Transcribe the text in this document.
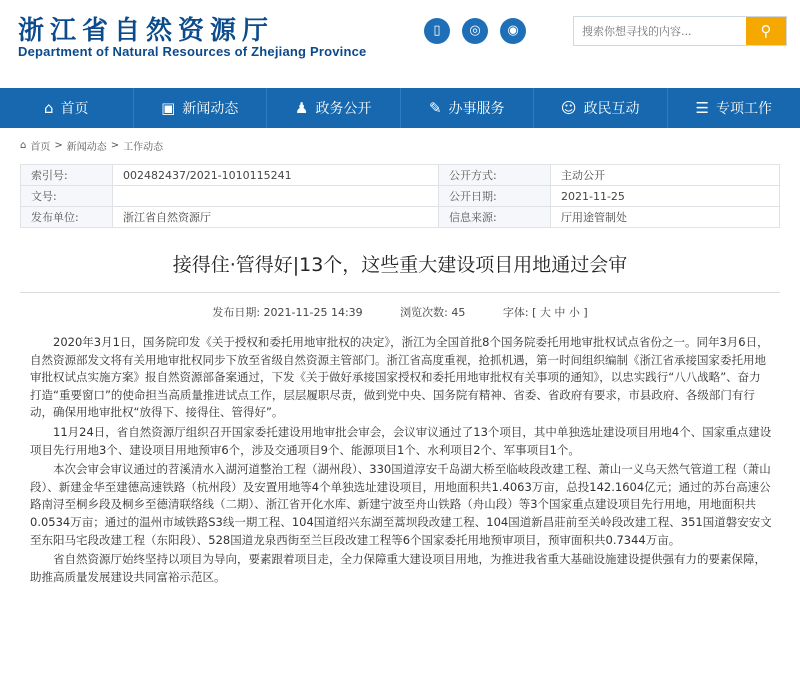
浙江省自然资源厅
Department of Natural Resources of Zhejiang Province
▯	◎	◉
搜索你想寻找的内容...	⚲
⌂ 首页	▣ 新闻动态	♟ 政务公开	✎ 办事服务	☺ 政民互动	☰ 专项工作
⌂ 首页 > 新闻动态 > 工作动态
索引号:	002482437/2021-1010115241	公开方式:	主动公开
文号:		公开日期:	2021-11-25
发布单位:	浙江省自然资源厅	信息来源:	厅用途管制处
接得住·管得好|13个，这些重大建设项目用地通过会审
发布日期: 2021-11-25 14:39	浏览次数: 45	字体: [ 大 中 小 ]

2020年3月1日，国务院印发《关于授权和委托用地审批权的决定》，浙江为全国首批8个国务院委托用地审批权试点省份之一。同年3月6日，自然资源部发文将有关用地审批权同步下放至省级自然资源主管部门。浙江省高度重视，抢抓机遇，第一时间组织编制《浙江省承接国家委托用地审批权试点实施方案》报自然资源部备案通过，下发《关于做好承接国家授权和委托用地审批权有关事项的通知》，以忠实践行“八八战略”、奋力打造“重要窗口”的使命担当高质量推进试点工作，层层履职尽责，做到党中央、国务院有精神、省委、省政府有要求，市县政府、各级部门有行动，确保用地审批权“放得下、接得住、管得好”。

11月24日，省自然资源厅组织召开国家委托建设用地审批会审会，会议审议通过了13个项目，其中单独选址建设项目用地4个、国家重点建设项目先行用地3个、建设项目用地预审6个，涉及交通项目9个、能源项目1个、水利项目2个、军事项目1个。

本次会审会审议通过的苕溪清水入湖河道整治工程（湖州段）、330国道淳安千岛湖大桥至临岐段改建工程、萧山一义乌天然气管道工程（萧山段）、新建金华至建德高速铁路（杭州段）及安置用地等4个单独选址建设项目，用地面积共1.4063万亩，总投142.1604亿元；通过的苏台高速公路南浔至桐乡段及桐乡至德清联络线（二期）、浙江省开化水库、新建宁波至舟山铁路（舟山段）等3个国家重点建设项目先行用地，用地面积共0.0534万亩；通过的温州市域铁路S3线一期工程、104国道绍兴东湖至蒿坝段改建工程、104国道新昌莊前至关岭段改建工程、351国道磐安安文至东阳马宅段改建工程（东阳段）、528国道龙泉西街至兰巨段改建工程等6个国家委托用地预审项目，预审面积共0.7344万亩。

省自然资源厅始终坚持以项目为导向，要素跟着项目走，全力保障重大建设项目用地，为推进我省重大基础设施建设提供强有力的要素保障，助推高质量发展建设共同富裕示范区。
